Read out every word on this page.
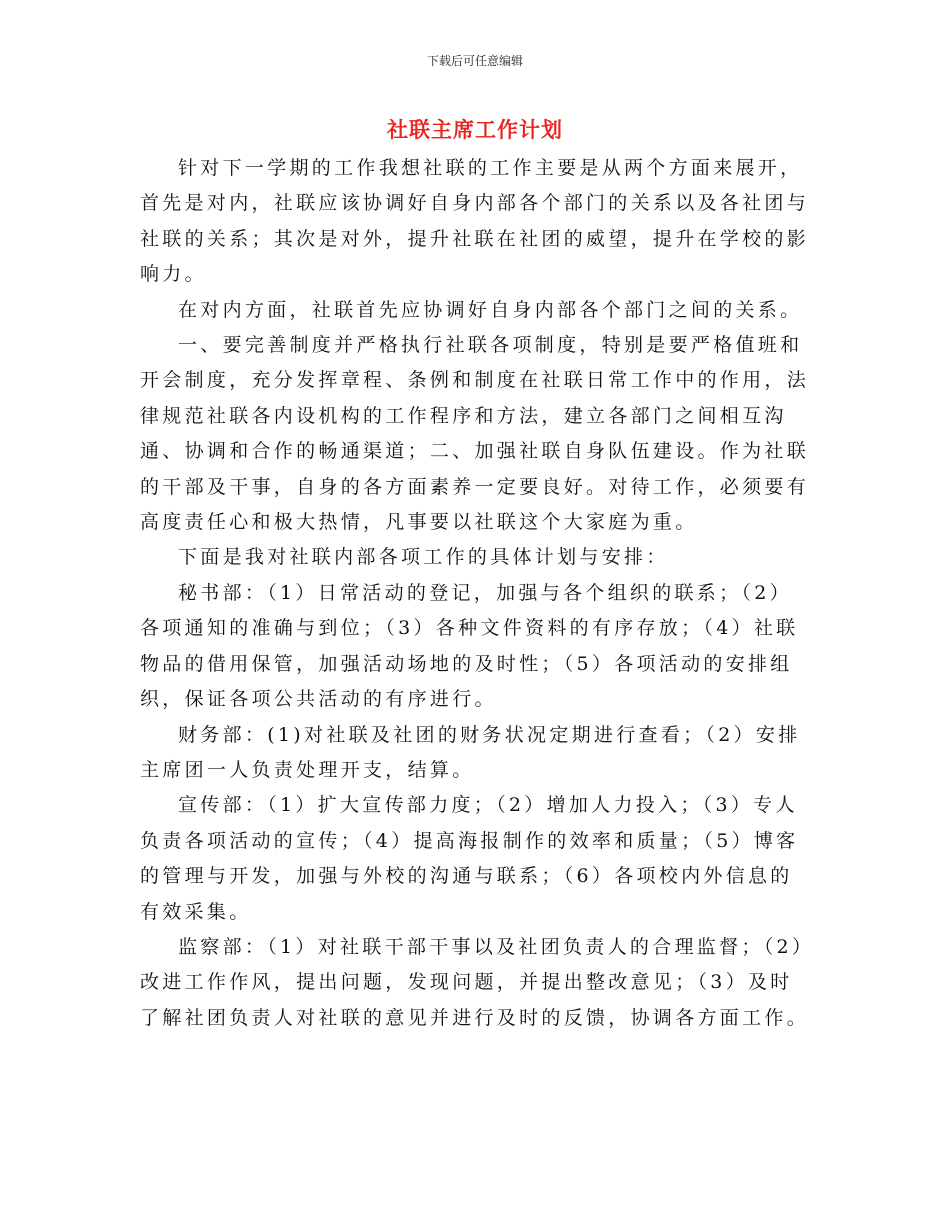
下载后可任意编辑
社联主席工作计划

针对下一学期的工作我想社联的工作主要是从两个方面来展开，首先是对内，社联应该协调好自身内部各个部门的关系以及各社团与社联的关系；其次是对外，提升社联在社团的威望，提升在学校的影响力。

在对内方面，社联首先应协调好自身内部各个部门之间的关系。

一、要完善制度并严格执行社联各项制度，特别是要严格值班和开会制度，充分发挥章程、条例和制度在社联日常工作中的作用，法律规范社联各内设机构的工作程序和方法，建立各部门之间相互沟通、协调和合作的畅通渠道；二、加强社联自身队伍建设。作为社联的干部及干事，自身的各方面素养一定要良好。对待工作，必须要有高度责任心和极大热情，凡事要以社联这个大家庭为重。

下面是我对社联内部各项工作的具体计划与安排：

秘书部：（1）日常活动的登记，加强与各个组织的联系；（2）各项通知的准确与到位；（3）各种文件资料的有序存放；（4）社联物品的借用保管，加强活动场地的及时性；（5）各项活动的安排组织，保证各项公共活动的有序进行。

财务部：(1)对社联及社团的财务状况定期进行查看；（2）安排主席团一人负责处理开支，结算。

宣传部：（1）扩大宣传部力度；（2）增加人力投入；（3）专人负责各项活动的宣传；（4）提高海报制作的效率和质量；（5）博客的管理与开发，加强与外校的沟通与联系；（6）各项校内外信息的有效采集。

监察部：（1）对社联干部干事以及社团负责人的合理监督；（2）改进工作作风，提出问题，发现问题，并提出整改意见；（3）及时了解社团负责人对社联的意见并进行及时的反馈，协调各方面工作。
